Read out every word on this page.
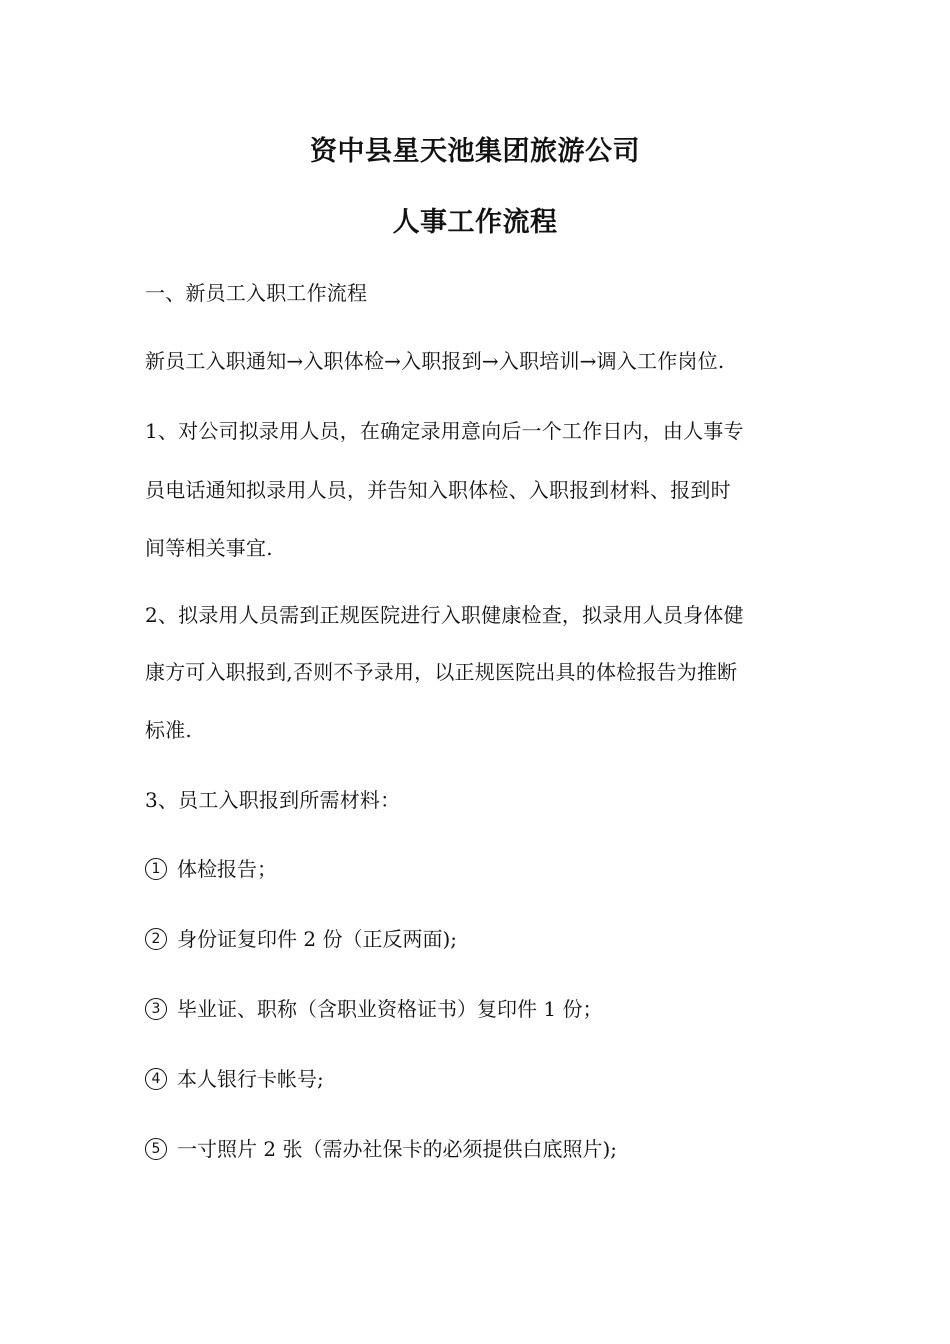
资中县星天池集团旅游公司
人事工作流程
一、新员工入职工作流程
新员工入职通知→入职体检→入职报到→入职培训→调入工作岗位.
1、对公司拟录用人员，在确定录用意向后一个工作日内，由人事专
员电话通知拟录用人员，并告知入职体检、入职报到材料、报到时
间等相关事宜.
2、拟录用人员需到正规医院进行入职健康检查，拟录用人员身体健
康方可入职报到,否则不予录用，以正规医院出具的体检报告为推断
标准.
3、员工入职报到所需材料：
1 体检报告；
2 身份证复印件 2 份（正反两面);
3 毕业证、职称（含职业资格证书）复印件 1 份；
4 本人银行卡帐号;
5 一寸照片 2 张（需办社保卡的必须提供白底照片);
